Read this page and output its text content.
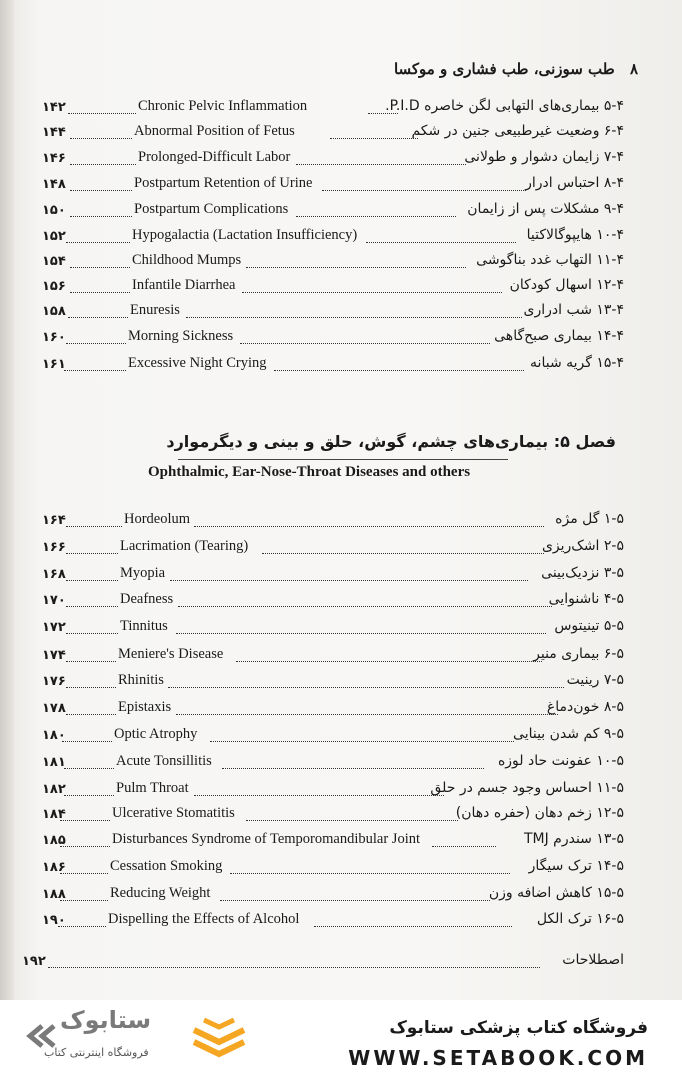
۸ طب سوزنی، طب فشاری و موکسا
۱۴۲	Chronic Pelvic Inflammation	۵-۴ بیماری‌های التهابی لگن خاصره P.I.D.
۱۴۴	Abnormal Position of Fetus	۶-۴ وضعیت غیرطبیعی جنین در شکم
۱۴۶	Prolonged-Difficult Labor	۷-۴ زایمان دشوار و طولانی
۱۴۸	Postpartum Retention of Urine	۸-۴ احتباس ادرار
۱۵۰	Postpartum Complications	۹-۴ مشکلات پس از زایمان
۱۵۲	Hypogalactia (Lactation Insufficiency)	۱۰-۴ هایپوگالاکتیا
۱۵۴	Childhood Mumps	۱۱-۴ التهاب غدد بناگوشی
۱۵۶	Infantile Diarrhea	۱۲-۴ اسهال کودکان
۱۵۸	Enuresis	۱۳-۴ شب ادراری
۱۶۰	Morning Sickness	۱۴-۴ بیماری صبح‌گاهی
۱۶۱	Excessive Night Crying	۱۵-۴ گریه شبانه
فصل ۵: بیماری‌های چشم، گوش، حلق و بینی و دیگرموارد
Ophthalmic, Ear-Nose-Throat Diseases and others
۱۶۴	Hordeolum	۱-۵ گل مژه
۱۶۶	Lacrimation (Tearing)	۲-۵ اشک‌ریزی
۱۶۸	Myopia	۳-۵ نزدیک‌بینی
۱۷۰	Deafness	۴-۵ ناشنوایی
۱۷۲	Tinnitus	۵-۵ تینیتوس
۱۷۴	Meniere's Disease	۶-۵ بیماری منیر
۱۷۶	Rhinitis	۷-۵ رینیت
۱۷۸	Epistaxis	۸-۵ خون‌دماغ
۱۸۰	Optic Atrophy	۹-۵ کم شدن بینایی
۱۸۱	Acute Tonsillitis	۱۰-۵ عفونت حاد لوزه
۱۸۲	Pulm Throat	۱۱-۵ احساس وجود جسم در حلق
۱۸۴	Ulcerative Stomatitis	۱۲-۵ زخم دهان (حفره دهان)
۱۸۵	Disturbances Syndrome of Temporomandibular Joint	۱۳-۵ سندرم TMJ
۱۸۶	Cessation Smoking	۱۴-۵ ترک سیگار
۱۸۸	Reducing Weight	۱۵-۵ کاهش اضافه وزن
۱۹۰	Dispelling the Effects of Alcohol	۱۶-۵ ترک الکل
۱۹۲	اصطلاحات
ستابوک
فروشگاه اینترنتی کتاب
فروشگاه کتاب پزشکی ستابوک
WWW.SETABOOK.COM
